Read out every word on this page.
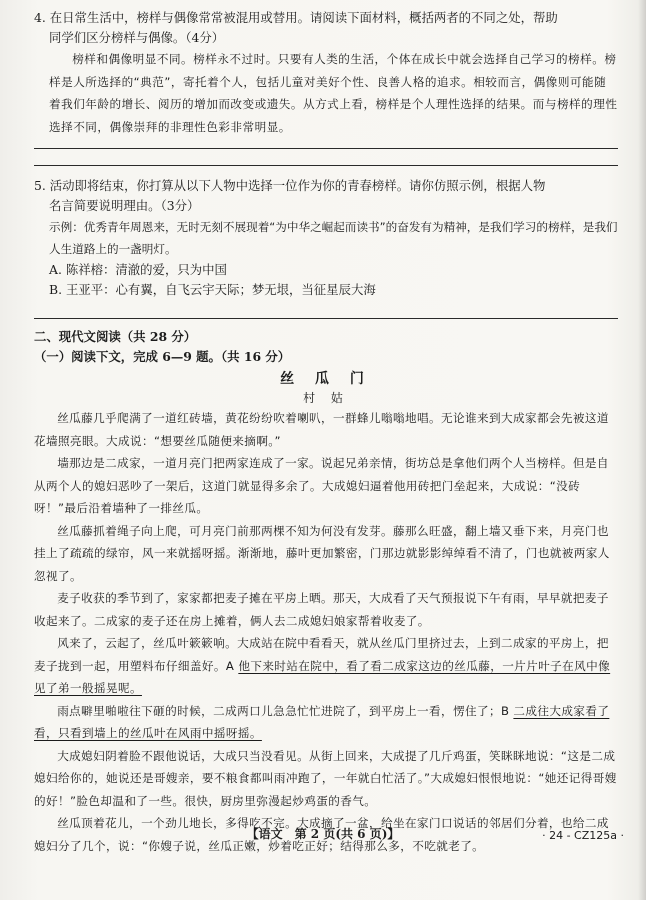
4. 在日常生活中，榜样与偶像常常被混用或替用。请阅读下面材料，概括两者的不同之处，帮助
同学们区分榜样与偶像。（4分）

榜样和偶像明显不同。榜样永不过时。只要有人类的生活，个体在成长中就会选择自己学习的榜样。榜样是人所选择的“典范”，寄托着个人，包括儿童对美好个性、良善人格的追求。相较而言，偶像则可能随着我们年龄的增长、阅历的增加而改变或遗失。从方式上看，榜样是个人理性选择的结果。而与榜样的理性选择不同，偶像崇拜的非理性色彩非常明显。

5. 活动即将结束，你打算从以下人物中选择一位作为你的青春榜样。请你仿照示例，根据人物
名言简要说明理由。（3分）

示例：优秀青年周恩来，无时无刻不展现着“为中华之崛起而读书”的奋发有为精神，是我们学习的榜样，是我们人生道路上的一盏明灯。

A. 陈祥榕：清澈的爱，只为中国
B. 王亚平：心有翼，自飞云宇天际；梦无垠，当征星辰大海
二、现代文阅读（共 28 分）
（一）阅读下文，完成 6—9 题。（共 16 分）
丝 瓜 门
村 姑

丝瓜藤几乎爬满了一道红砖墙，黄花纷纷吹着喇叭，一群蜂儿嗡嗡地唱。无论谁来到大成家都会先被这道花墙照亮眼。大成说：“想要丝瓜随便来摘啊。”

墙那边是二成家，一道月亮门把两家连成了一家。说起兄弟亲情，街坊总是拿他们两个人当榜样。但是自从两个人的媳妇恶吵了一架后，这道门就显得多余了。大成媳妇逼着他用砖把门垒起来，大成说：“没砖呀！”最后沿着墙种了一排丝瓜。

丝瓜藤抓着绳子向上爬，可月亮门前那两棵不知为何没有发芽。藤那么旺盛，翻上墙又垂下来，月亮门也挂上了疏疏的绿帘，风一来就摇呀摇。渐渐地，藤叶更加繁密，门那边就影影绰绰看不清了，门也就被两家人忽视了。

麦子收获的季节到了，家家都把麦子摊在平房上晒。那天，大成看了天气预报说下午有雨，早早就把麦子收起来了。二成家的麦子还在房上摊着，俩人去二成媳妇娘家帮着收麦了。

风来了，云起了，丝瓜叶簌簌响。大成站在院中看看天，就从丝瓜门里挤过去，上到二成家的平房上，把麦子拢到一起，用塑料布仔细盖好。A 他下来时站在院中，看了看二成家这边的丝瓜藤，一片片叶子在风中像见了弟一般摇晃呢。

雨点噼里啪啦往下砸的时候，二成两口儿急急忙忙进院了，到平房上一看，愣住了；B 二成往大成家看了看，只看到墙上的丝瓜叶在风雨中摇呀摇。

大成媳妇阴着脸不跟他说话，大成只当没看见。从街上回来，大成提了几斤鸡蛋，笑眯眯地说：“这是二成媳妇给你的，她说还是哥嫂亲，要不粮食都叫雨冲跑了，一年就白忙活了。”大成媳妇恨恨地说：“她还记得哥嫂的好！”脸色却温和了一些。很快，厨房里弥漫起炒鸡蛋的香气。

丝瓜顶着花儿，一个劲儿地长，多得吃不完。大成摘了一盆，给坐在家门口说话的邻居们分着，也给二成媳妇分了几个，说：“你嫂子说，丝瓜正嫩，炒着吃正好；结得那么多，不吃就老了。

【语文　第 2 页(共 6 页)】	· 24 - CZ125a ·
